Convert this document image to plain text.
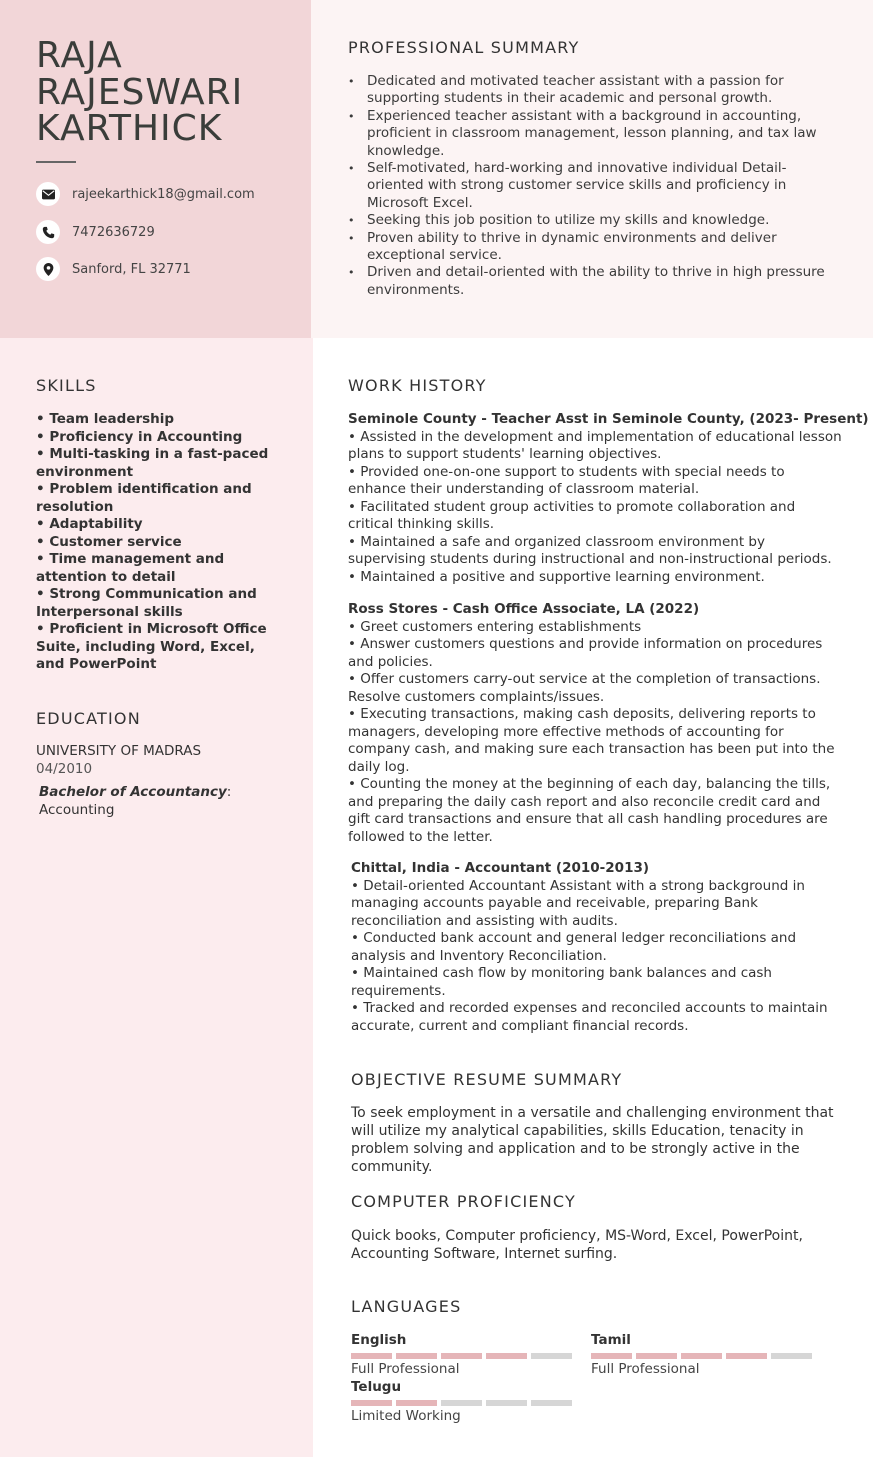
RAJA
RAJESWARI
KARTHICK
rajeekarthick18@gmail.com
7472636729
Sanford, FL 32771
PROFESSIONAL SUMMARY
• Dedicated and motivated teacher assistant with a passion for supporting students in their academic and personal growth.
• Experienced teacher assistant with a background in accounting, proficient in classroom management, lesson planning, and tax law knowledge.
• Self-motivated, hard-working and innovative individual Detail-oriented with strong customer service skills and proficiency in Microsoft Excel.
• Seeking this job position to utilize my skills and knowledge.
• Proven ability to thrive in dynamic environments and deliver exceptional service.
• Driven and detail-oriented with the ability to thrive in high pressure environments.
SKILLS
• Team leadership
• Proficiency in Accounting
• Multi-tasking in a fast-paced environment
• Problem identification and resolution
• Adaptability
• Customer service
• Time management and attention to detail
• Strong Communication and Interpersonal skills
• Proficient in Microsoft Office Suite, including Word, Excel, and PowerPoint
EDUCATION
UNIVERSITY OF MADRAS
04/2010
Bachelor of Accountancy:
Accounting
WORK HISTORY
Seminole County - Teacher Asst in Seminole County, (2023- Present)
• Assisted in the development and implementation of educational lesson plans to support students' learning objectives.
• Provided one-on-one support to students with special needs to enhance their understanding of classroom material.
• Facilitated student group activities to promote collaboration and critical thinking skills.
• Maintained a safe and organized classroom environment by supervising students during instructional and non-instructional periods.
• Maintained a positive and supportive learning environment.
Ross Stores - Cash Office Associate, LA (2022)
• Greet customers entering establishments
• Answer customers questions and provide information on procedures and policies.
• Offer customers carry-out service at the completion of transactions. Resolve customers complaints/issues.
• Executing transactions, making cash deposits, delivering reports to managers, developing more effective methods of accounting for company cash, and making sure each transaction has been put into the daily log.
• Counting the money at the beginning of each day, balancing the tills, and preparing the daily cash report and also reconcile credit card and gift card transactions and ensure that all cash handling procedures are followed to the letter.
Chittal, India - Accountant (2010-2013)
• Detail-oriented Accountant Assistant with a strong background in managing accounts payable and receivable, preparing Bank reconciliation and assisting with audits.
• Conducted bank account and general ledger reconciliations and analysis and Inventory Reconciliation.
• Maintained cash flow by monitoring bank balances and cash requirements.
• Tracked and recorded expenses and reconciled accounts to maintain accurate, current and compliant financial records.
OBJECTIVE RESUME SUMMARY
To seek employment in a versatile and challenging environment that will utilize my analytical capabilities, skills Education, tenacity in problem solving and application and to be strongly active in the community.
COMPUTER PROFICIENCY
Quick books, Computer proficiency, MS-Word, Excel, PowerPoint, Accounting Software, Internet surfing.
LANGUAGES
English
Full Professional
Tamil
Full Professional
Telugu
Limited Working
